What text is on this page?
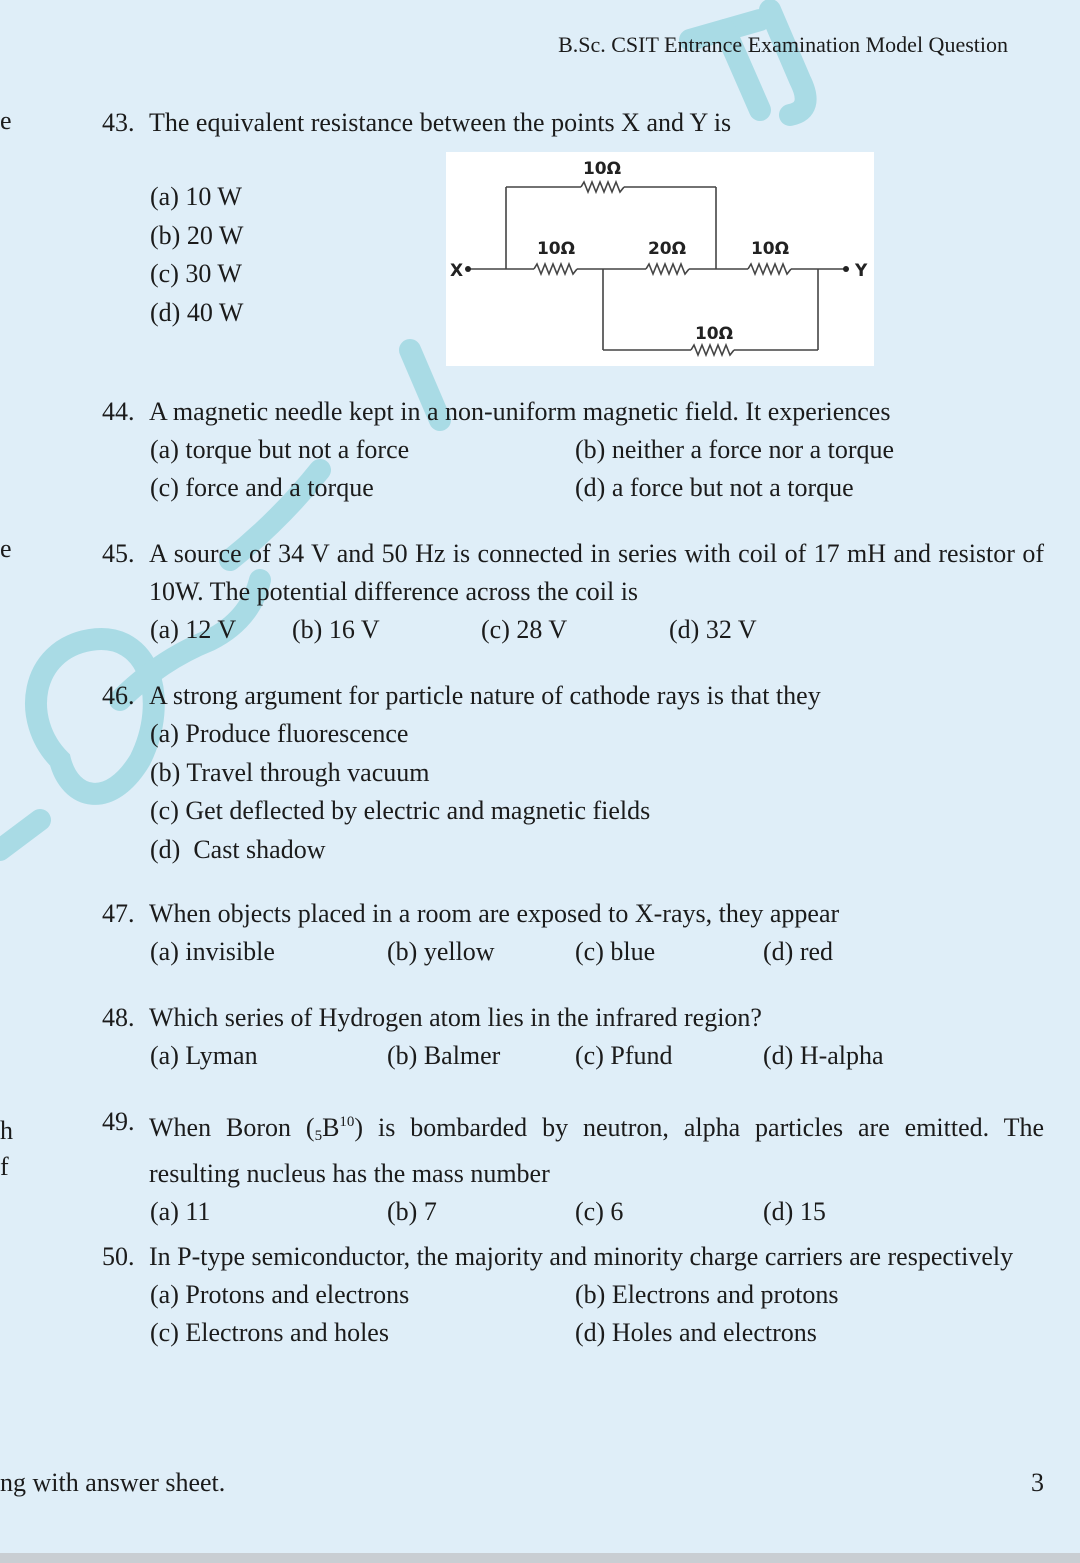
B.Sc. CSIT Entrance Examination Model Question
e
e
h
f
43. The equivalent resistance between the points X and Y is
(a) 10 W
(b) 20 W
(c) 30 W
(d) 40 W
10Ω
10Ω	20Ω	10Ω
10Ω
X	Y
44. A magnetic needle kept in a non-uniform magnetic field. It experiences
(a) torque but not a force	(b) neither a force nor a torque
(c) force and a torque	(d) a force but not a torque
45. A source of 34 V and 50 Hz is connected in series with coil of 17 mH and resistor of 10W. The potential difference across the coil is
(a) 12 V (b) 16 V	(c) 28 V	(d) 32 V
46. A strong argument for particle nature of cathode rays is that they
(a) Produce fluorescence
(b) Travel through vacuum
(c) Get deflected by electric and magnetic fields
(d)  Cast shadow
47. When objects placed in a room are exposed to X-rays, they appear
(a) invisible	(b) yellow	(c) blue	(d) red
48. Which series of Hydrogen atom lies in the infrared region?
(a) Lyman	(b) Balmer	(c) Pfund	(d) H-alpha
49. When Boron $(_5B^{10})$ is bombarded by neutron, alpha particles are emitted. The resulting nucleus has the mass number
(a) 11	(b) 7	(c) 6	(d) 15
50. In P-type semiconductor, the majority and minority charge carriers are respectively
(a) Protons and electrons	(b) Electrons and protons
(c) Electrons and holes	(d) Holes and electrons
ng with answer sheet.	3
